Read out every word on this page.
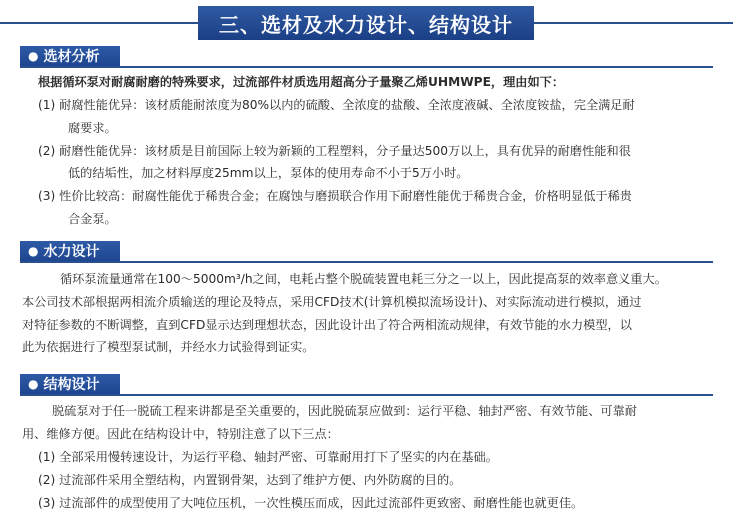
三、选材及水力设计、结构设计
● 选材分析
根据循环泵对耐腐耐磨的特殊要求，过流部件材质选用超高分子量聚乙烯UHMWPE，理由如下：
(1) 耐腐性能优异：该材质能耐浓度为80%以内的硫酸、全浓度的盐酸、全浓度液碱、全浓度铵盐，完全满足耐
腐要求。
(2) 耐磨性能优异：该材质是目前国际上较为新颖的工程塑料，分子量达500万以上，具有优异的耐磨性能和很
低的结垢性，加之材料厚度25mm以上，泵体的使用寿命不小于5万小时。
(3) 性价比较高：耐腐性能优于稀贵合金；在腐蚀与磨损联合作用下耐磨性能优于稀贵合金，价格明显低于稀贵
合金泵。
● 水力设计
循环泵流量通常在100～5000m³/h之间，电耗占整个脱硫装置电耗三分之一以上，因此提高泵的效率意义重大。
本公司技术部根据两相流介质输送的理论及特点，采用CFD技术(计算机模拟流场设计)、对实际流动进行模拟，通过
对特征参数的不断调整，直到CFD显示达到理想状态，因此设计出了符合两相流动规律，有效节能的水力模型，以
此为依据进行了模型泵试制，并经水力试验得到证实。
● 结构设计
脱硫泵对于任一脱硫工程来讲都是至关重要的，因此脱硫泵应做到：运行平稳、轴封严密、有效节能、可靠耐
用、维修方便。因此在结构设计中，特别注意了以下三点：
(1) 全部采用慢转速设计，为运行平稳、轴封严密、可靠耐用打下了坚实的内在基础。
(2) 过流部件采用全塑结构，内置钢骨架，达到了维护方便、内外防腐的目的。
(3) 过流部件的成型使用了大吨位压机，一次性模压而成，因此过流部件更致密、耐磨性能也就更佳。
